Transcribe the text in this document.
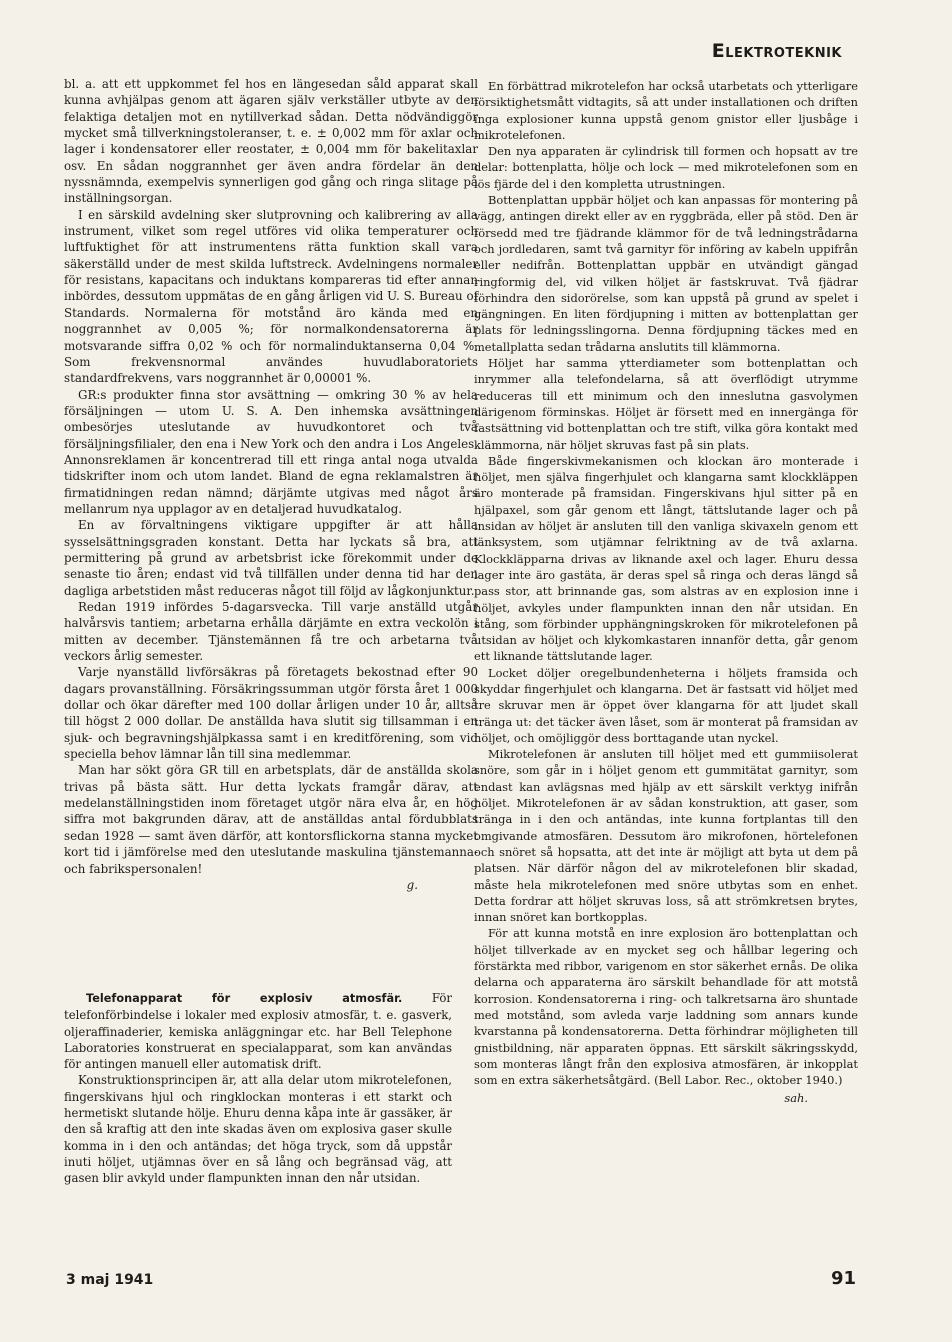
Elektroteknik

bl. a. att ett uppkommet fel hos en längesedan såld apparat skall kunna avhjälpas genom att ägaren själv verkställer utbyte av den felaktiga detaljen mot en nytillverkad sådan. Detta nödvändiggör mycket små tillverkningstoleranser, t. e. ± 0,002 mm för axlar och lager i kondensatorer eller reostater, ± 0,004 mm för bakelitaxlar osv. En sådan noggrannhet ger även andra fördelar än den nyssnämnda, exempelvis synnerligen god gång och ringa slitage på inställningsorgan.

I en särskild avdelning sker slutprovning och kalibrering av alla instrument, vilket som regel utföres vid olika temperaturer och luftfuktighet för att instrumentens rätta funktion skall vara säkerställd under de mest skilda luftstreck. Avdelningens normaler för resistans, kapacitans och induktans kompareras tid efter annan inbördes, dessutom uppmätas de en gång årligen vid U. S. Bureau of Standards. Normalerna för motstånd äro kända med en noggrannhet av 0,005 %; för normalkondensatorerna är motsvarande siffra 0,02 % och för normalinduktanserna 0,04 %. Som frekvensnormal användes huvudlaboratoriets standardfrekvens, vars noggrannhet är 0,00001 %.

GR:s produkter finna stor avsättning — omkring 30 % av hela försäljningen — utom U. S. A. Den inhemska avsättningen ombesörjes uteslutande av huvudkontoret och två försäljningsfilialer, den ena i New York och den andra i Los Angeles. Annonsreklamen är koncentrerad till ett ringa antal noga utvalda tidskrifter inom och utom landet. Bland de egna reklamalstren är firmatidningen redan nämnd; därjämte utgivas med något års mellanrum nya upplagor av en detaljerad huvudkatalog.

En av förvaltningens viktigare uppgifter är att hålla sysselsättningsgraden konstant. Detta har lyckats så bra, att permittering på grund av arbetsbrist icke förekommit under de senaste tio åren; endast vid två tillfällen under denna tid har den dagliga arbetstiden måst reduceras något till följd av lågkonjunktur.

Redan 1919 infördes 5-dagarsvecka. Till varje anställd utgår halvårsvis tantiem; arbetarna erhålla därjämte en extra veckolön i mitten av december. Tjänstemännen få tre och arbetarna två veckors årlig semester.

Varje nyanställd livförsäkras på företagets bekostnad efter 90 dagars provanställning. Försäkringssumman utgör första året 1 000 dollar och ökar därefter med 100 dollar årligen under 10 år, alltså till högst 2 000 dollar. De anställda hava slutit sig tillsamman i en sjuk- och begravningshjälpkassa samt i en kreditförening, som vid speciella behov lämnar lån till sina medlemmar.

Man har sökt göra GR till en arbetsplats, där de anställda skola trivas på bästa sätt. Hur detta lyckats framgår därav, att medelanställningstiden inom företaget utgör nära elva år, en hög siffra mot bakgrunden därav, att de anställdas antal fördubblats sedan 1928 — samt även därför, att kontorsflickorna stanna mycket kort tid i jämförelse med den uteslutande maskulina tjänstemanna- och fabrikspersonalen!

g.

Telefonapparat för explosiv atmosfär.	För telefonförbindelse i lokaler med explosiv atmosfär, t. e. gasverk, oljeraffinaderier, kemiska anläggningar etc. har Bell Telephone Laboratories konstruerat en specialapparat, som kan användas för antingen manuell eller automatisk drift.

Konstruktionsprincipen är, att alla delar utom mikrotelefonen, fingerskivans hjul och ringklockan monteras i ett starkt och hermetiskt slutande hölje. Ehuru denna kåpa inte är gassäker, är den så kraftig att den inte skadas även om explosiva gaser skulle komma in i den och antändas; det höga tryck, som då uppstår inuti höljet, utjämnas över en så lång och begränsad väg, att gasen blir avkyld under flampunkten innan den når utsidan.

En förbättrad mikrotelefon har också utarbetats och ytterligare försiktighetsmått vidtagits, så att under installationen och driften inga explosioner kunna uppstå genom gnistor eller ljusbåge i mikrotelefonen.

Den nya apparaten är cylindrisk till formen och hopsatt av tre delar: bottenplatta, hölje och lock — med mikrotelefonen som en lös fjärde del i den kompletta utrustningen.

Bottenplattan uppbär höljet och kan anpassas för montering på vägg, antingen direkt eller av en ryggbräda, eller på stöd. Den är försedd med tre fjädrande klämmor för de två ledningstrådarna och jordledaren, samt två garnityr för införing av kabeln uppifrån eller nedifrån. Bottenplattan uppbär en utvändigt gängad ringformig del, vid vilken höljet är fastskruvat. Två fjädrar förhindra den sidorörelse, som kan uppstå på grund av spelet i gängningen. En liten fördjupning i mitten av bottenplattan ger plats för ledningsslingorna. Denna fördjupning täckes med en metallplatta sedan trådarna anslutits till klämmorna.

Höljet har samma ytterdiameter som bottenplattan och inrymmer alla telefondelarna, så att överflödigt utrymme reduceras till ett minimum och den inneslutna gasvolymen därigenom förminskas. Höljet är försett med en innergänga för fastsättning vid bottenplattan och tre stift, vilka göra kontakt med klämmorna, när höljet skruvas fast på sin plats.

Både fingerskivmekanismen och klockan äro monterade i höljet, men själva fingerhjulet och klangarna samt klockkläppen äro monterade på framsidan. Fingerskivans hjul sitter på en hjälpaxel, som går genom ett långt, tättslutande lager och på insidan av höljet är ansluten till den vanliga skivaxeln genom ett länksystem, som utjämnar felriktning av de två axlarna. Klockkläpparna drivas av liknande axel och lager. Ehuru dessa lager inte äro gastäta, är deras spel så ringa och deras längd så pass stor, att brinnande gas, som alstras av en explosion inne i höljet, avkyles under flampunkten innan den når utsidan. En stång, som förbinder upphängningskroken för mikrotelefonen på utsidan av höljet och klykomkastaren innanför detta, går genom ett liknande tättslutande lager.

Locket döljer oregelbundenheterna i höljets framsida och skyddar fingerhjulet och klangarna. Det är fastsatt vid höljet med tre skruvar men är öppet över klangarna för att ljudet skall tränga ut: det täcker även låset, som är monterat på framsidan av höljet, och omöjliggör dess borttagande utan nyckel.

Mikrotelefonen är ansluten till höljet med ett gummiisolerat snöre, som går in i höljet genom ett gummitätat garnityr, som endast kan avlägsnas med hjälp av ett särskilt verktyg inifrån höljet. Mikrotelefonen är av sådan konstruktion, att gaser, som tränga in i den och antändas, inte kunna fortplantas till den omgivande atmosfären. Dessutom äro mikrofonen, hörtelefonen och snöret så hopsatta, att det inte är möjligt att byta ut dem på platsen. När därför någon del av mikrotelefonen blir skadad, måste hela mikrotelefonen med snöre utbytas som en enhet. Detta fordrar att höljet skruvas loss, så att strömkretsen brytes, innan snöret kan bortkopplas.

För att kunna motstå en inre explosion äro bottenplattan och höljet tillverkade av en mycket seg och hållbar legering och förstärkta med ribbor, varigenom en stor säkerhet ernås. De olika delarna och apparaterna äro särskilt behandlade för att motstå korrosion. Kondensatorerna i ring- och talkretsarna äro shuntade med motstånd, som avleda varje laddning som annars kunde kvarstanna på kondensatorerna. Detta förhindrar möjligheten till gnistbildning, när apparaten öppnas. Ett särskilt säkringsskydd, som monteras långt från den explosiva atmosfären, är inkopplat som en extra säkerhetsåtgärd. (Bell Labor. Rec., oktober 1940.)

sah.

3 maj 1941	91
